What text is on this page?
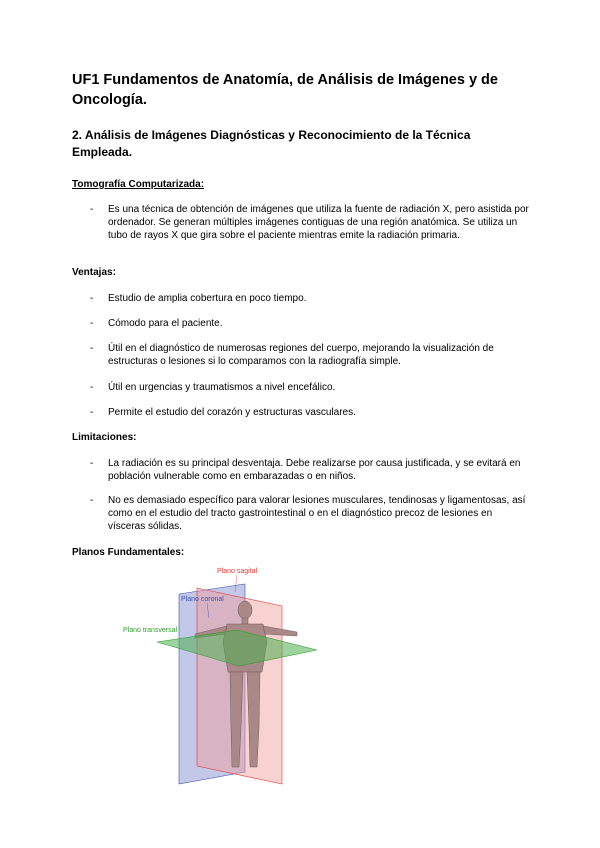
UF1 Fundamentos de Anatomía, de Análisis de Imágenes y de Oncología.
2. Análisis de Imágenes Diagnósticas y Reconocimiento de la Técnica Empleada.
Tomografía Computarizada:
- Es una técnica de obtención de imágenes que utiliza la fuente de radiación X, pero asistida por ordenador. Se generan múltiples imágenes contiguas de una región anatómica. Se utiliza un tubo de rayos X que gira sobre el paciente mientras emite la radiación primaria.
Ventajas:
- Estudio de amplia cobertura en poco tiempo.
- Cómodo para el paciente.
- Útil en el diagnóstico de numerosas regiones del cuerpo, mejorando la visualización de estructuras o lesiones si lo comparamos con la radiografía simple.
- Útil en urgencias y traumatismos a nivel encefálico.
- Permite el estudio del corazón y estructuras vasculares.
Limitaciones:
- La radiación es su principal desventaja. Debe realizarse por causa justificada, y se evitará en población vulnerable como en embarazadas o en niños.
- No es demasiado específico para valorar lesiones musculares, tendinosas y ligamentosas, así como en el estudio del tracto gastrointestinal o en el diagnóstico precoz de lesiones en vísceras sólidas.
Planos Fundamentales:
Plano sagital
Plano coronal
Plano transversal
